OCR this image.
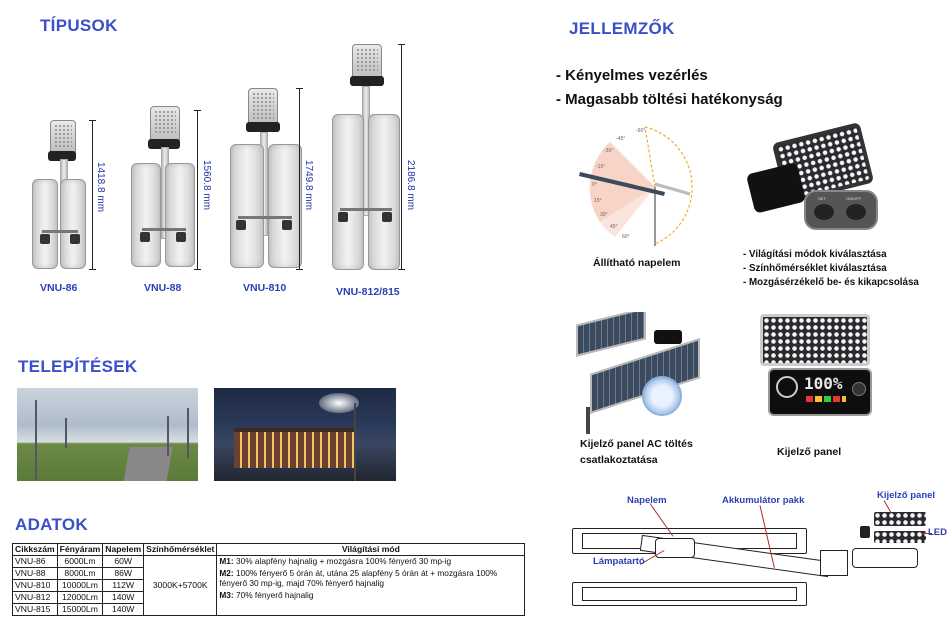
TÍPUSOK
TELEPÍTÉSEK
ADATOK
JELLEMZŐK
1418.8 mm
VNU-86
1560.8 mm
VNU-88
1749.8 mm
VNU-810
2186.8 mm
VNU-812/815
Cikkszám	Fényáram	Napelem	Színhőmérséklet	Világítási mód
VNU-86	6000Lm	60W	3000K+5700K	M1: 30% alapfény hajnalig + mozgásra 100% fényerő 30 mp-ig
M2: 100% fényerő 5 órán át, utána 25 alapfény 5 órán át + mozgásra 100% fényerő 30 mp-ig, majd 70% fényerő hajnalig
M3: 70% fényerő hajnalig

VNU-88	8000Lm	86W		
VNU-810	10000Lm	112W		
VNU-812	12000Lm	140W		
VNU-815	15000Lm	140W		
- Kényelmes vezérlés
- Magasabb töltési hatékonyság
-60°
-45°
-30°
-15°
0°
15°
30°
45°
60°
Állítható napelem
SET	ON/OFF
- Világítási módok kiválasztása
- Színhőmérséklet kiválasztása
- Mozgásérzékelő be- és kikapcsolása
Kijelző panel AC töltés
csatlakoztatása
100%
Kijelző panel
Napelem	Akkumulátor pakk	Kijelző panel
LED
Lámpatartó
